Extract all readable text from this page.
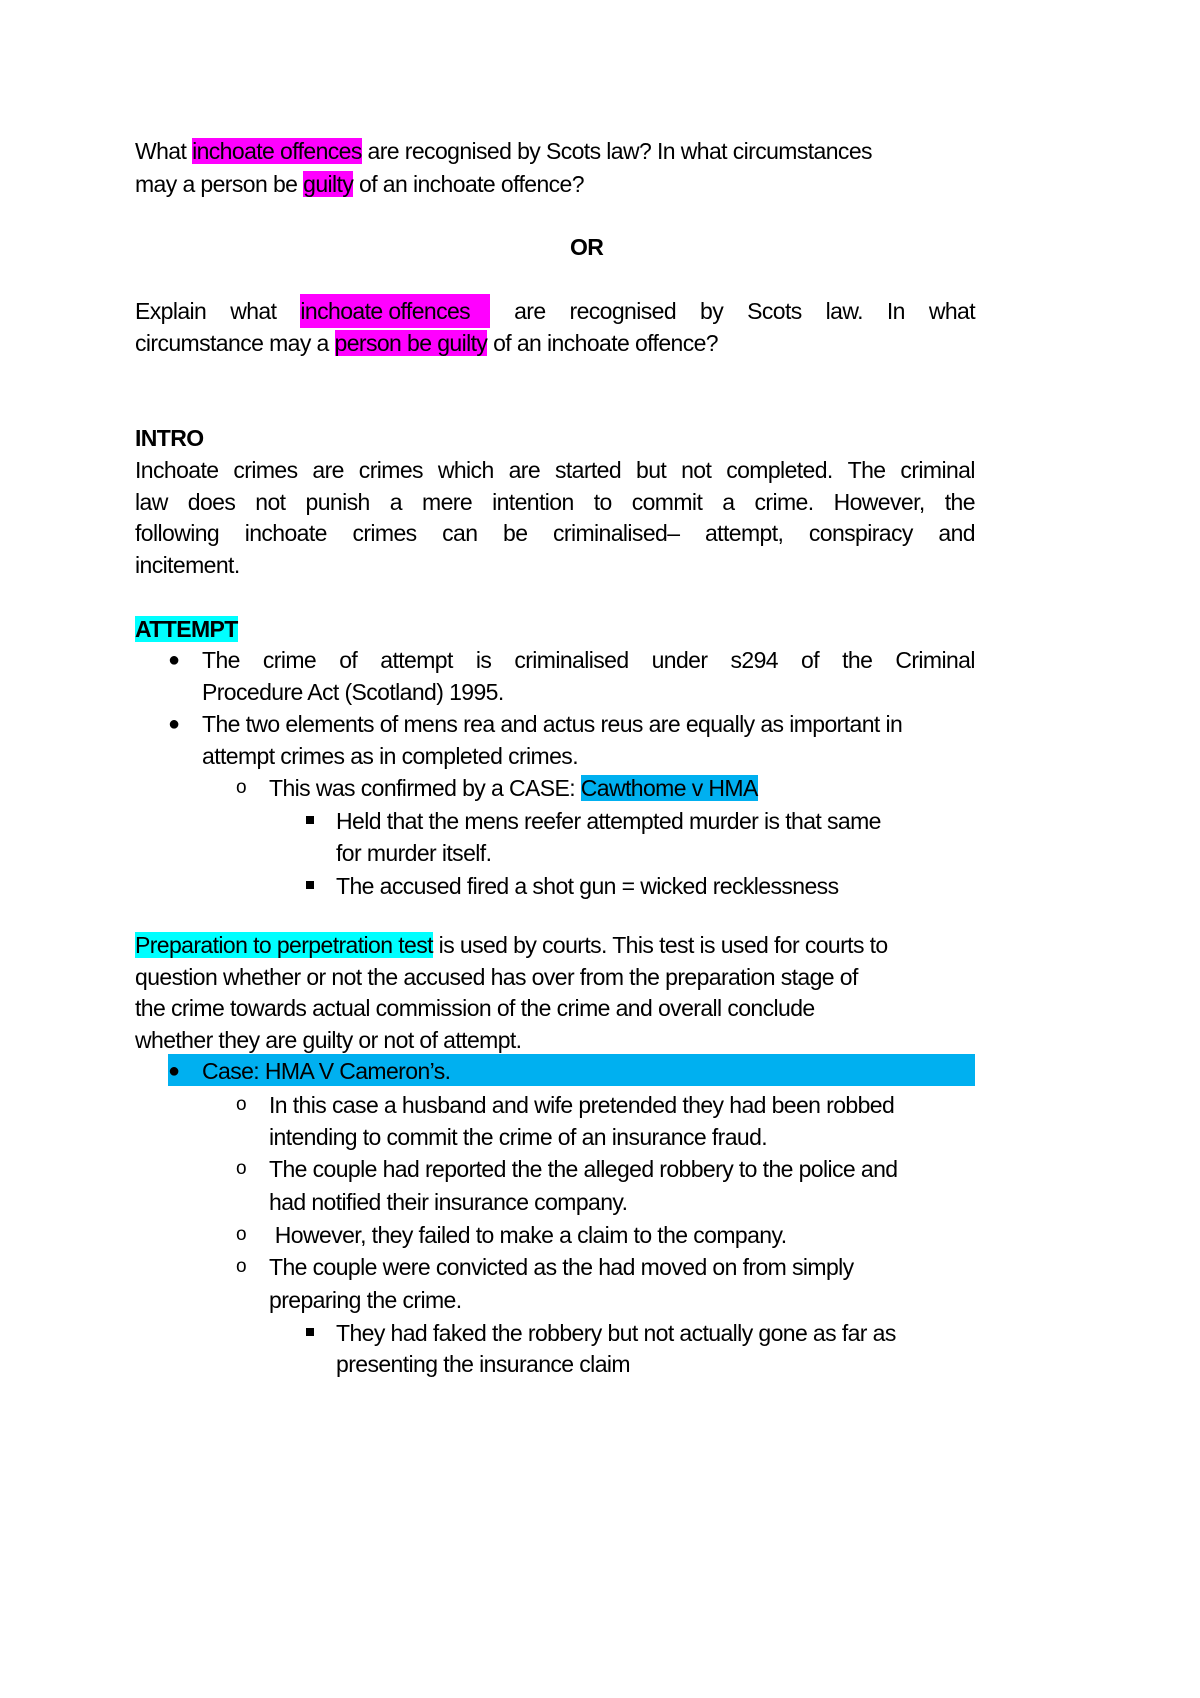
What inchoate offences are recognised by Scots law? In what circumstances
may a person be guilty of an inchoate offence?
OR
Explain what inchoate offences	are recognised by Scots law. In what
circumstance may a person be guilty of an inchoate offence?
INTRO
Inchoate crimes are crimes which are started but not completed. The criminal
law does not punish a mere intention to commit a crime. However, the
following inchoate crimes can be criminalised– attempt, conspiracy and
incitement.
ATTEMPT
● The crime of attempt is criminalised under s294 of the Criminal
Procedure Act (Scotland) 1995.
● The two elements of mens rea and actus reus are equally as important in
attempt crimes as in completed crimes.
o This was confirmed by a CASE: Cawthome v HMA
Held that the mens reefer attempted murder is that same
for murder itself.
The accused fired a shot gun = wicked recklessness
Preparation to perpetration test is used by courts. This test is used for courts to
question whether or not the accused has over from the preparation stage of
the crime towards actual commission of the crime and overall conclude
whether they are guilty or not of attempt.
● Case: HMA V Cameron’s.
o In this case a husband and wife pretended they had been robbed
intending to commit the crime of an insurance fraud.
o The couple had reported the the alleged robbery to the police and
had notified their insurance company.
o However, they failed to make a claim to the company.
o The couple were convicted as the had moved on from simply
preparing the crime.
They had faked the robbery but not actually gone as far as
presenting the insurance claim
